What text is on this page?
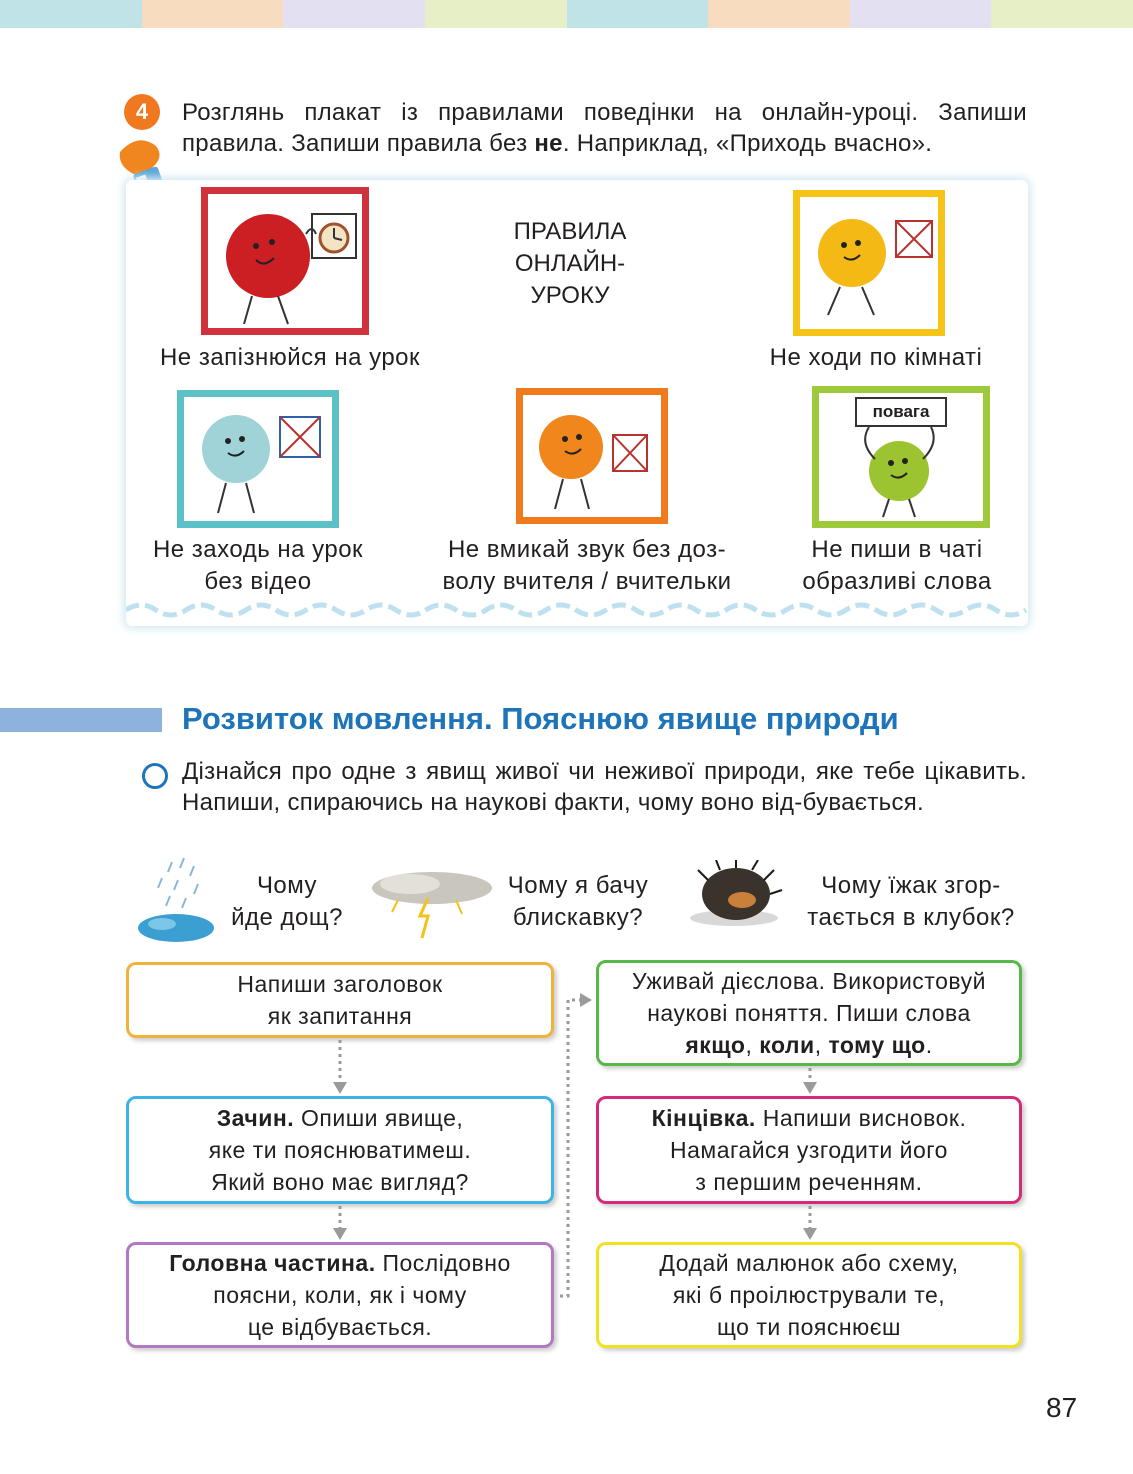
4	Розглянь плакат із правилами поведінки на онлайн-уроці. Запиши правила. Запиши правила без не. Наприклад, «Приходь вчасно».
ПРАВИЛА
ОНЛАЙН-
УРОКУ
Не запізнюйся на урок	Не ходи по кімнаті
Не заходь на урок
без відео
Не вмикай звук без доз-
волу вчителя / вчительки
повага
Не пиши в чаті
образливі слова
Розвиток мовлення. Пояснюю явище природи
Дізнайся про одне з явищ живої чи неживої природи, яке тебе цікавить. Напиши, спираючись на наукові факти, чому воно від-бувається.
Чому
йде дощ?
Чому я бачу
блискавку?
Чому їжак згор-
тається в клубок?
Напиши заголовок
як запитання
Зачин. Опиши явище,
яке ти пояснюватимеш.
Який воно має вигляд?
Головна частина. Послідовно
поясни, коли, як і чому
це відбувається.
Уживай дієслова. Використовуй
наукові поняття. Пиши слова
якщо, коли, тому що.
Кінцівка. Напиши висновок.
Намагайся узгодити його
з першим реченням.
Додай малюнок або схему,
які б проілюстрували те,
що ти пояснюєш
87
